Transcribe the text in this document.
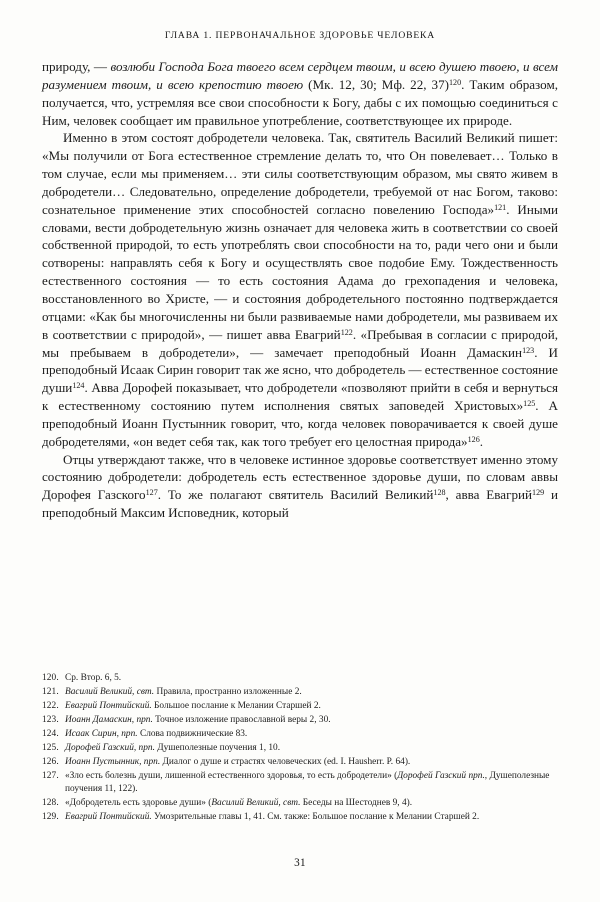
ГЛАВА 1. ПЕРВОНАЧАЛЬНОЕ ЗДОРОВЬЕ ЧЕЛОВЕКА

природу, — возлюби Господа Бога твоего всем сердцем твоим, и всею душею твоею, и всем разумением твоим, и всею крепостию твоею (Мк. 12, 30; Мф. 22, 37)$^{120}$. Таким образом, получается, что, устремляя все свои способности к Богу, дабы с их помощью соединиться с Ним, человек сообщает им правильное употребление, соответствующее их природе.

Именно в этом состоят добродетели человека. Так, святитель Василий Великий пишет: «Мы получили от Бога естественное стремление делать то, что Он повелевает… Только в том случае, если мы применяем… эти силы соответствующим образом, мы свято живем в добродетели… Следовательно, определение добродетели, требуемой от нас Богом, таково: сознательное применение этих способностей согласно повелению Господа»$^{121}$. Иными словами, вести добродетельную жизнь означает для человека жить в соответствии со своей собственной природой, то есть употреблять свои способности на то, ради чего они и были сотворены: направлять себя к Богу и осуществлять свое подобие Ему. Тождественность естественного состояния — то есть состояния Адама до грехопадения и человека, восстановленного во Христе, — и состояния добродетельного постоянно подтверждается отцами: «Как бы многочисленны ни были развиваемые нами добродетели, мы развиваем их в соответствии с природой», — пишет авва Евагрий$^{122}$. «Пребывая в согласии с природой, мы пребываем в добродетели», — замечает преподобный Иоанн Дамаскин$^{123}$. И преподобный Исаак Сирин говорит так же ясно, что добродетель — естественное состояние души$^{124}$. Авва Дорофей показывает, что добродетели «позволяют прийти в себя и вернуться к естественному состоянию путем исполнения святых заповедей Христовых»$^{125}$. А преподобный Иоанн Пустынник говорит, что, когда человек поворачивается к своей душе добродетелями, «он ведет себя так, как того требует его целостная природа»$^{126}$.

Отцы утверждают также, что в человеке истинное здоровье соответствует именно этому состоянию добродетели: добродетель есть естественное здоровье души, по словам аввы Дорофея Газского$^{127}$. То же полагают святитель Василий Великий$^{128}$, авва Евагрий$^{129}$ и преподобный Максим Исповедник, который

120. Ср. Втор. 6, 5.
121. Василий Великий, свт. Правила, пространно изложенные 2.
122. Евагрий Понтийский. Большое послание к Мелании Старшей 2.
123. Иоанн Дамаскин, прп. Точное изложение православной веры 2, 30.
124. Исаак Сирин, прп. Слова подвижнические 83.
125. Дорофей Газский, прп. Душеполезные поучения 1, 10.
126. Иоанн Пустынник, прп. Диалог о душе и страстях человеческих (ed. I. Hausherr. P. 64).
127. «Зло есть болезнь души, лишенной естественного здоровья, то есть добродетели» (Дорофей Газский прп., Душеполезные поучения 11, 122).
128. «Добродетель есть здоровье души» (Василий Великий, свт. Беседы на Шестоднев 9, 4).
129. Евагрий Понтийский. Умозрительные главы 1, 41. См. также: Большое послание к Мелании Старшей 2.
31
